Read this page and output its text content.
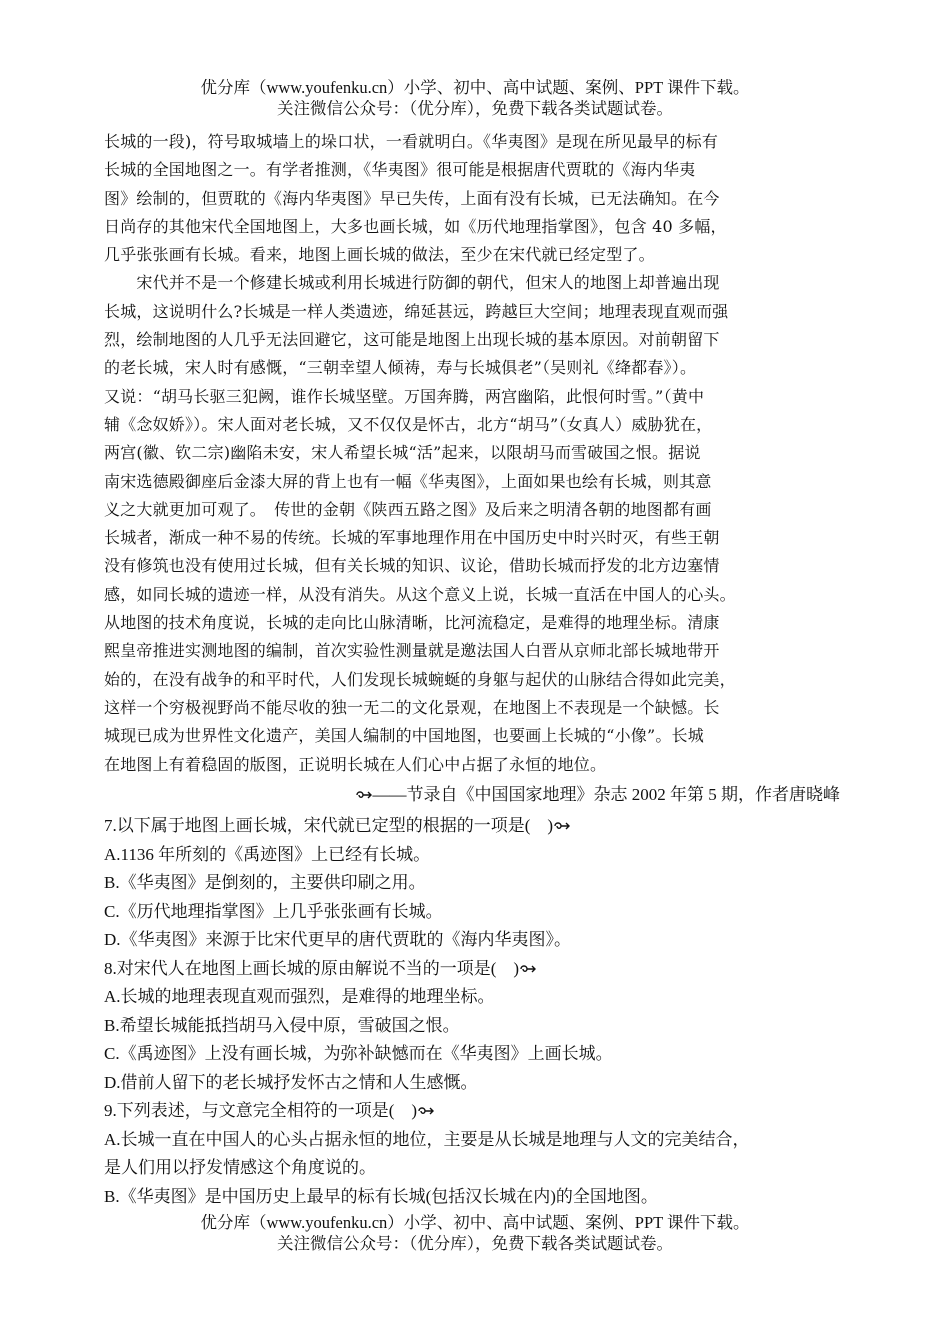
优分库（www.youfenku.cn）小学、初中、高中试题、案例、PPT 课件下载。
关注微信公众号：（优分库），免费下载各类试题试卷。
长城的一段)，符号取城墙上的垛口状，一看就明白。《华夷图》是现在所见最早的标有
长城的全国地图之一。有学者推测，《华夷图》很可能是根据唐代贾耽的《海内华夷
图》绘制的，但贾耽的《海内华夷图》早已失传，上面有没有长城，已无法确知。在今
日尚存的其他宋代全国地图上，大多也画长城，如《历代地理指掌图》，包含 40 多幅，
几乎张张画有长城。看来，地图上画长城的做法，至少在宋代就已经定型了。
　　宋代并不是一个修建长城或利用长城进行防御的朝代，但宋人的地图上却普遍出现
长城，这说明什么?长城是一样人类遗迹，绵延甚远，跨越巨大空间；地理表现直观而强
烈，绘制地图的人几乎无法回避它，这可能是地图上出现长城的基本原因。对前朝留下
的老长城，宋人时有感慨，“三朝幸望人倾祷，寿与长城俱老”（吴则礼《绛都春》）。
又说：“胡马长驱三犯阙，谁作长城坚壁。万国奔腾，两宫幽陷，此恨何时雪。”（黄中
辅《念奴娇》）。宋人面对老长城，又不仅仅是怀古，北方“胡马”（女真人）威胁犹在，
两宫(徽、钦二宗)幽陷未安，宋人希望长城“活”起来，以限胡马而雪破国之恨。据说
南宋选德殿御座后金漆大屏的背上也有一幅《华夷图》，上面如果也绘有长城，则其意
义之大就更加可观了。　传世的金朝《陕西五路之图》及后来之明清各朝的地图都有画
长城者，渐成一种不易的传统。长城的军事地理作用在中国历史中时兴时灭，有些王朝
没有修筑也没有使用过长城，但有关长城的知识、议论，借助长城而抒发的北方边塞情
感，如同长城的遗迹一样，从没有消失。从这个意义上说，长城一直活在中国人的心头。
从地图的技术角度说，长城的走向比山脉清晰，比河流稳定，是难得的地理坐标。清康
熙皇帝推进实测地图的编制，首次实验性测量就是邀法国人白晋从京师北部长城地带开
始的，在没有战争的和平时代，人们发现长城蜿蜒的身躯与起伏的山脉结合得如此完美，
这样一个穷极视野尚不能尽收的独一无二的文化景观，在地图上不表现是一个缺憾。长
城现已成为世界性文化遗产，美国人编制的中国地图，也要画上长城的“小像”。长城
在地图上有着稳固的版图，正说明长城在人们心中占据了永恒的地位。
——节录自《中国国家地理》杂志 2002 年第 5 期，作者唐晓峰
7.以下属于地图上画长城，宋代就已定型的根据的一项是(　)
A.1136 年所刻的《禹迹图》上已经有长城。
B.《华夷图》是倒刻的，主要供印刷之用。
C.《历代地理指掌图》上几乎张张画有长城。
D.《华夷图》来源于比宋代更早的唐代贾耽的《海内华夷图》。
8.对宋代人在地图上画长城的原由解说不当的一项是(　)
A.长城的地理表现直观而强烈，是难得的地理坐标。
B.希望长城能抵挡胡马入侵中原，雪破国之恨。
C.《禹迹图》上没有画长城，为弥补缺憾而在《华夷图》上画长城。
D.借前人留下的老长城抒发怀古之情和人生感慨。
9.下列表述，与文意完全相符的一项是(　)
A.长城一直在中国人的心头占据永恒的地位，主要是从长城是地理与人文的完美结合，
是人们用以抒发情感这个角度说的。
B.《华夷图》是中国历史上最早的标有长城(包括汉长城在内)的全国地图。
优分库（www.youfenku.cn）小学、初中、高中试题、案例、PPT 课件下载。
关注微信公众号：（优分库），免费下载各类试题试卷。
